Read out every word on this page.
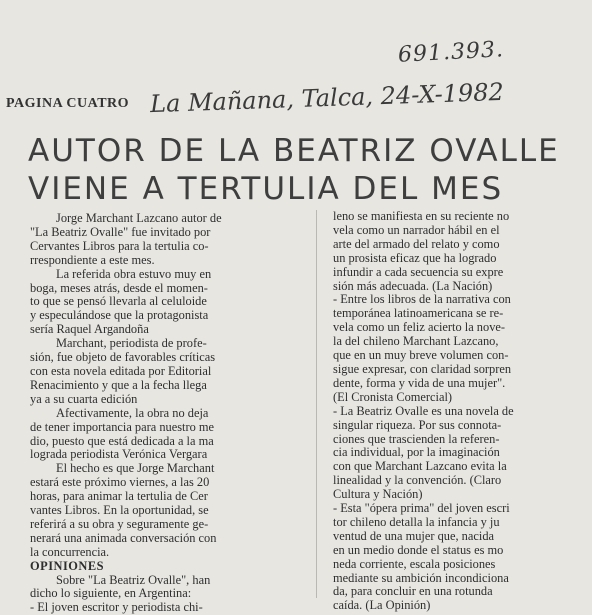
691.393.
PAGINA CUATRO La Mañana, Talca, 24-X-1982
AUTOR DE LA BEATRIZ OVALLE
VIENE A TERTULIA DEL MES
Jorge Marchant Lazcano autor de
"La Beatriz Ovalle" fue invitado por
Cervantes Libros para la tertulia co-
rrespondiente a este mes.
La referida obra estuvo muy en
boga, meses atrás, desde el momen-
to que se pensó llevarla al celuloide
y especulándose que la protagonista
sería Raquel Argandoña
Marchant, periodista de profe-
sión, fue objeto de favorables críticas
con esta novela editada por Editorial
Renacimiento y que a la fecha llega
ya a su cuarta edición
Afectivamente, la obra no deja
de tener importancia para nuestro me
dio, puesto que está dedicada a la ma
lograda periodista Verónica Vergara
El hecho es que Jorge Marchant
estará este próximo viernes, a las 20
horas, para animar la tertulia de Cer
vantes Libros. En la oportunidad, se
referirá a su obra y seguramente ge-
nerará una animada conversación con
la concurrencia.
OPINIONES
Sobre "La Beatriz Ovalle", han
dicho lo siguiente, en Argentina:
- El joven escritor y periodista chi-
leno se manifiesta en su reciente no
vela como un narrador hábil en el
arte del armado del relato y como
un prosista eficaz que ha logrado
infundir a cada secuencia su expre
sión más adecuada. (La Nación)
- Entre los libros de la narrativa con
temporánea latinoamericana se re-
vela como un feliz acierto la nove-
la del chileno Marchant Lazcano,
que en un muy breve volumen con-
sigue expresar, con claridad sorpren
dente, forma y vida de una mujer".
(El Cronista Comercial)
- La Beatriz Ovalle es una novela de
singular riqueza. Por sus connota-
ciones que trascienden la referen-
cia individual, por la imaginación
con que Marchant Lazcano evita la
linealidad y la convención. (Claro
Cultura y Nación)
- Esta "ópera prima" del joven escri
tor chileno detalla la infancia y ju
ventud de una mujer que, nacida
en un medio donde el status es mo
neda corriente, escala posiciones
mediante su ambición incondiciona
da, para concluir en una rotunda
caída. (La Opinión)
